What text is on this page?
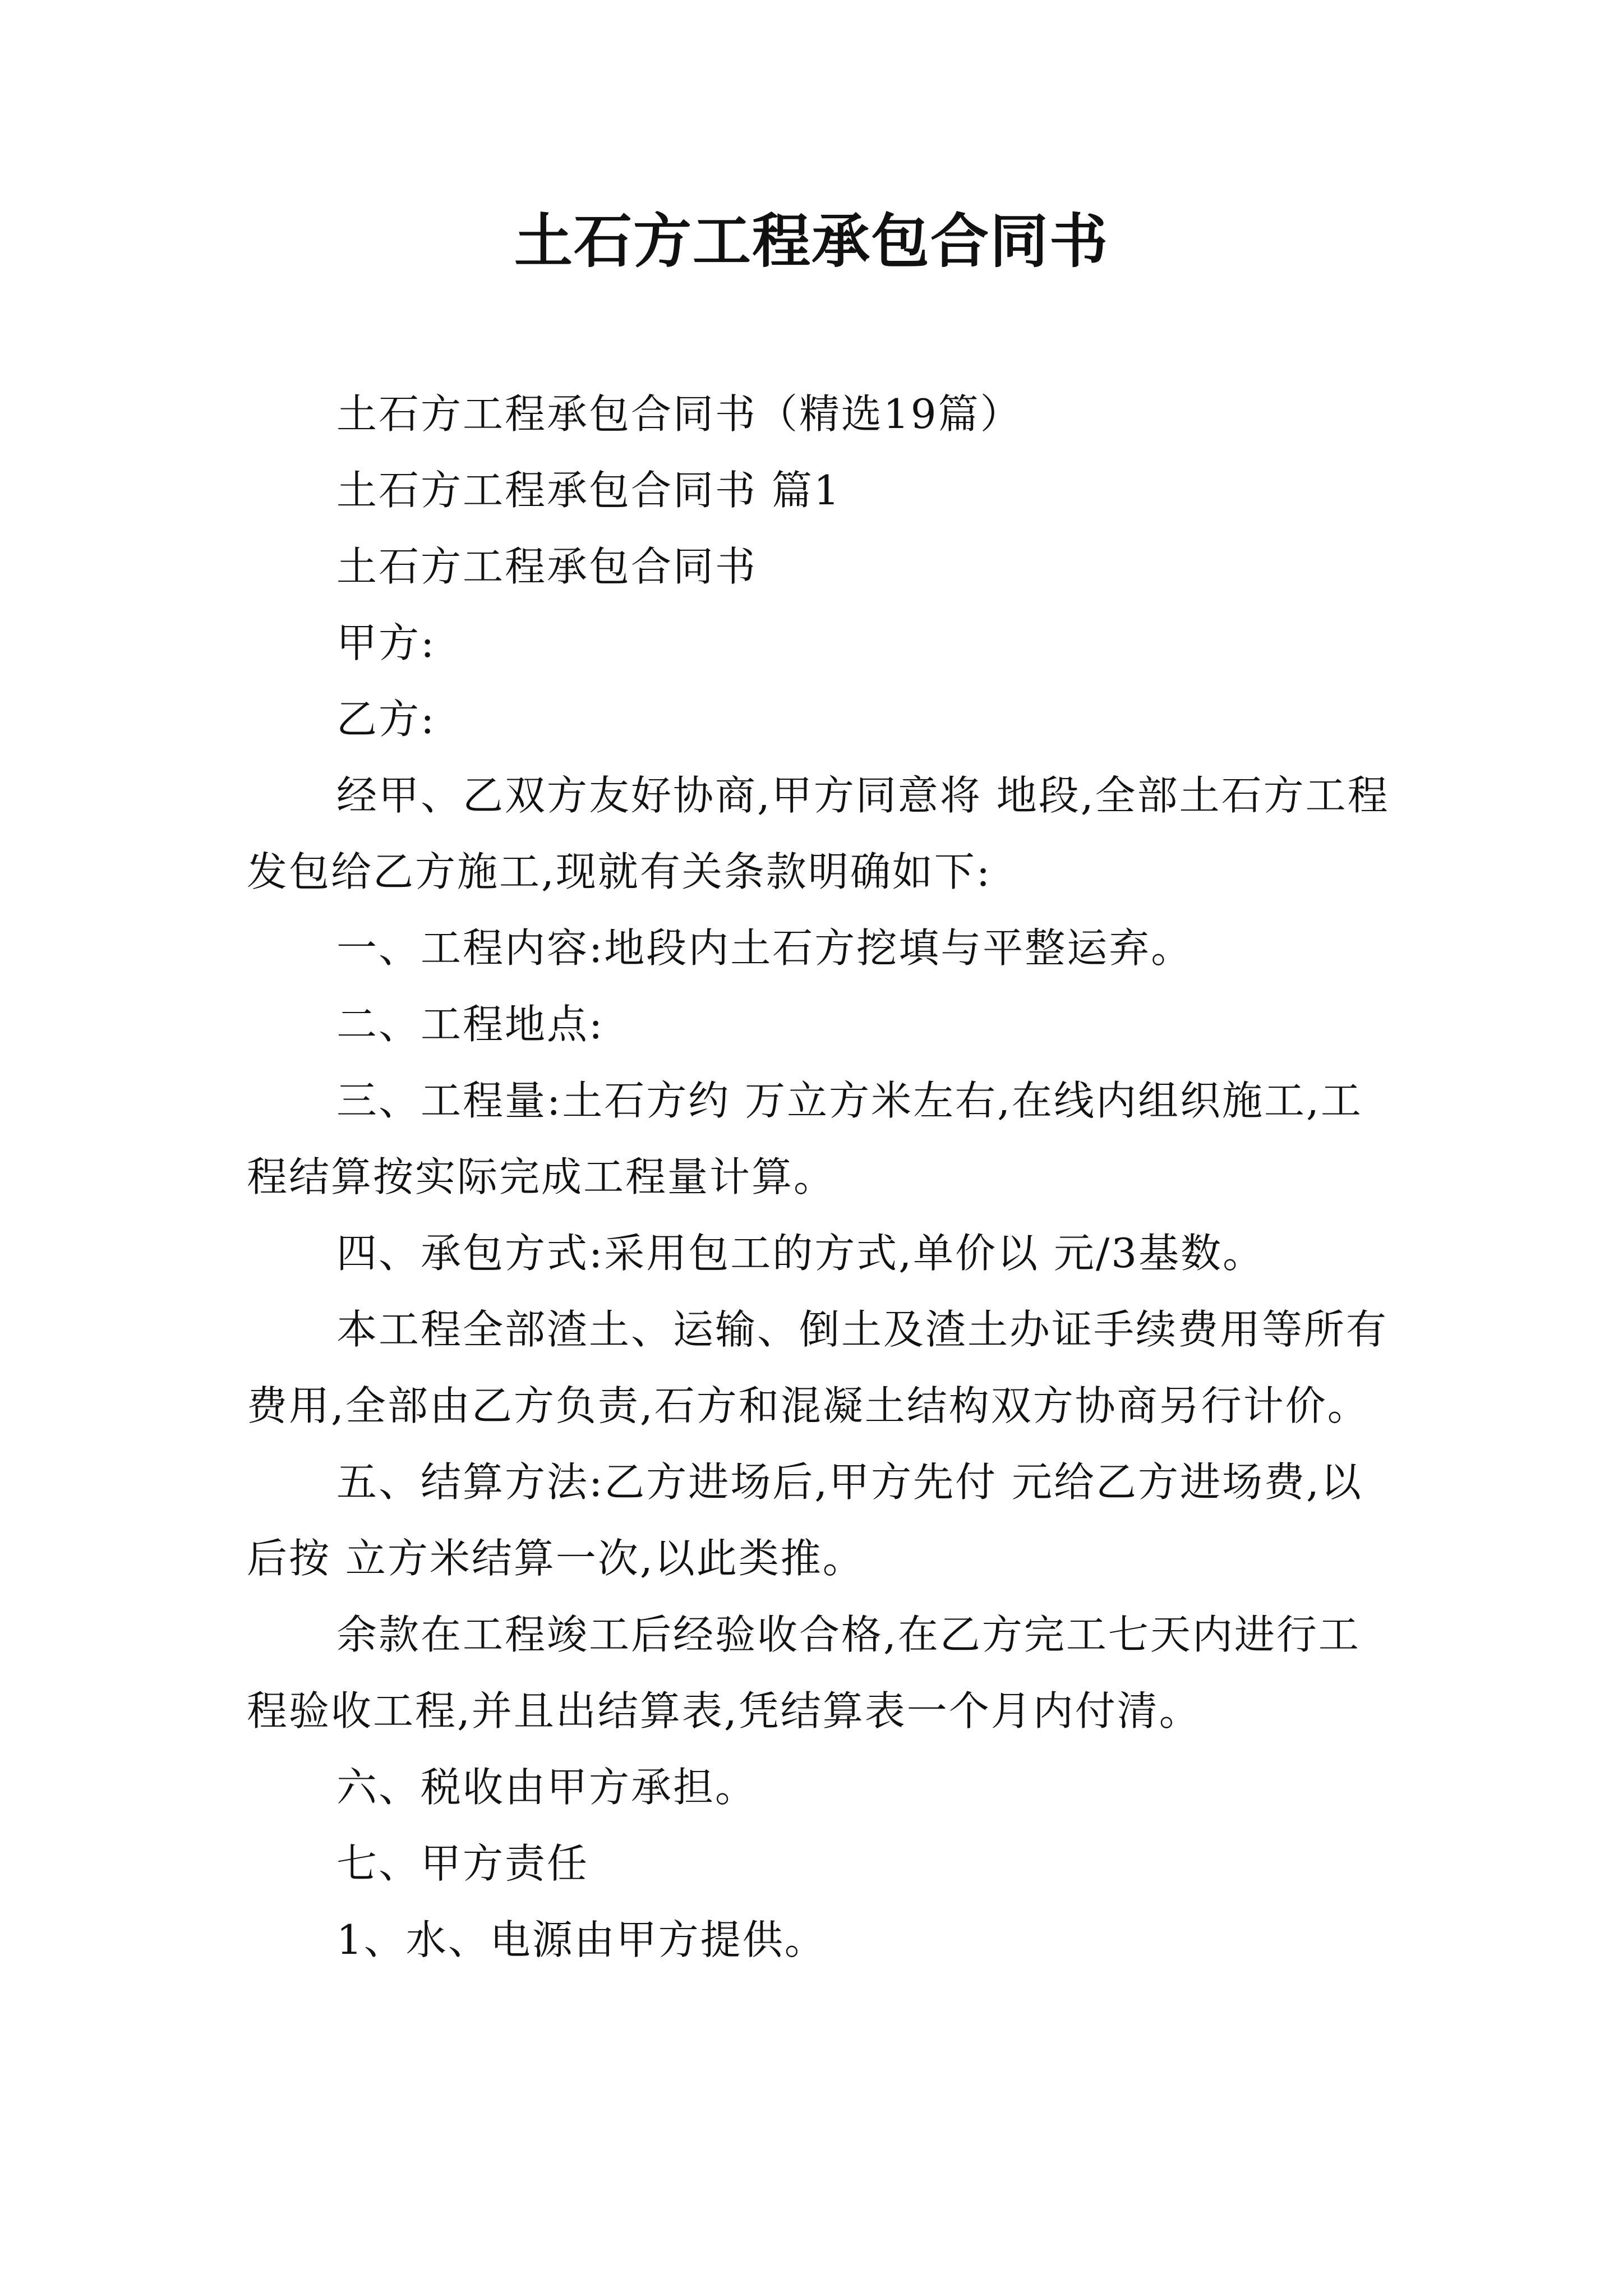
土石方工程承包合同书

土石方工程承包合同书（精选19篇）

土石方工程承包合同书 篇1

土石方工程承包合同书

甲方:

乙方:

经甲、乙双方友好协商,甲方同意将 地段,全部土石方工程发包给乙方施工,现就有关条款明确如下:

一、工程内容:地段内土石方挖填与平整运弃。

二、工程地点:

三、工程量:土石方约 万立方米左右,在线内组织施工,工程结算按实际完成工程量计算。

四、承包方式:采用包工的方式,单价以 元/3基数。

本工程全部渣土、运输、倒土及渣土办证手续费用等所有费用,全部由乙方负责,石方和混凝土结构双方协商另行计价。

五、结算方法:乙方进场后,甲方先付 元给乙方进场费,以后按 立方米结算一次,以此类推。

余款在工程竣工后经验收合格,在乙方完工七天内进行工程验收工程,并且出结算表,凭结算表一个月内付清。

六、税收由甲方承担。

七、甲方责任

1、水、电源由甲方提供。
